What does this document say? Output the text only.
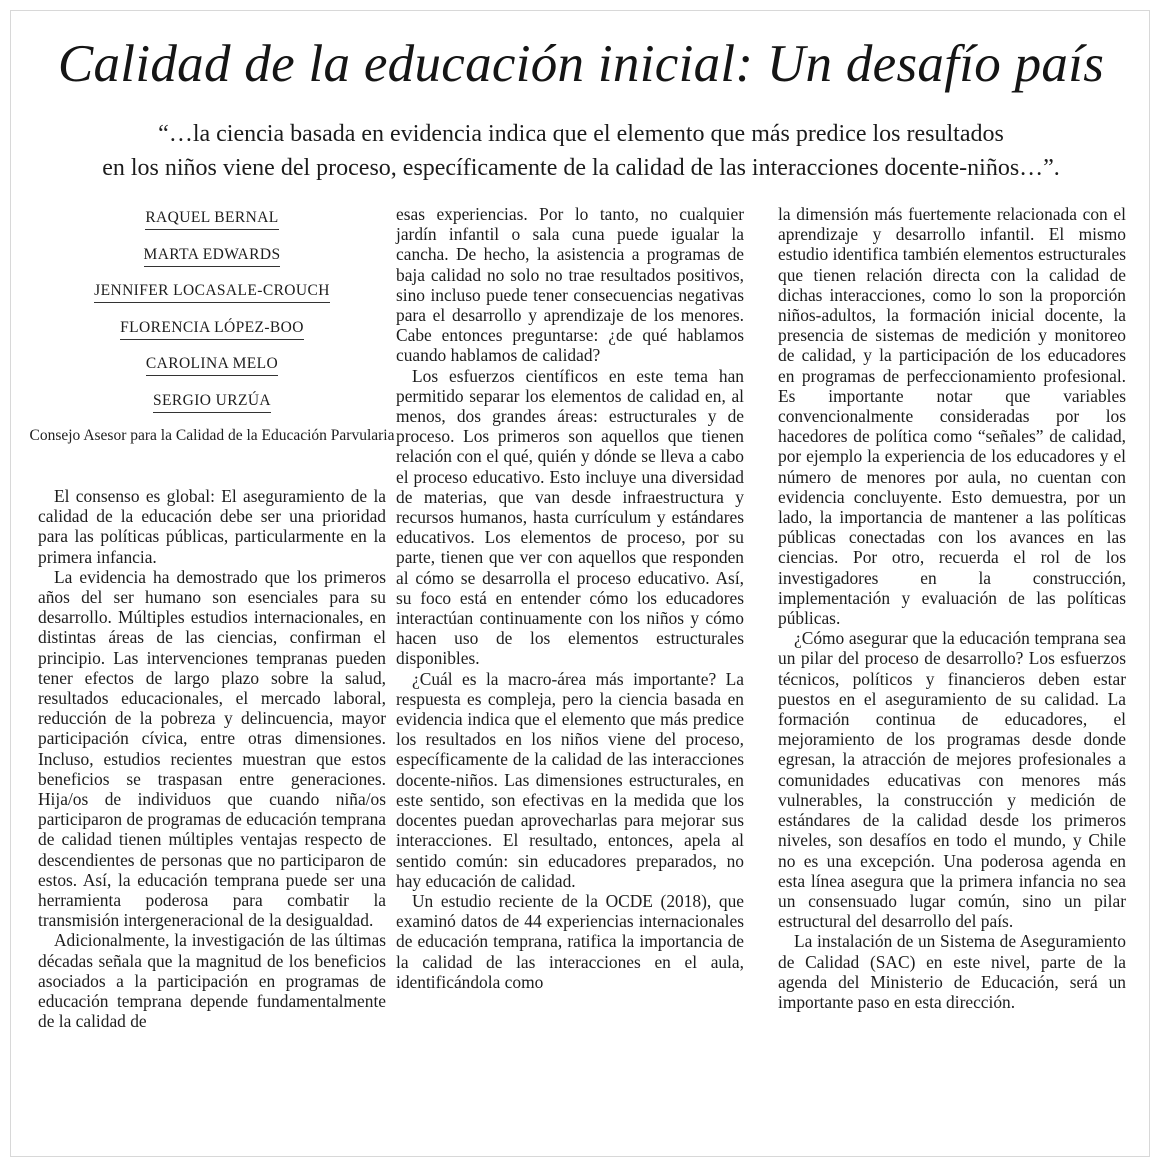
Calidad de la educación inicial: Un desafío país
“…la ciencia basada en evidencia indica que el elemento que más predice los resultados
en los niños viene del proceso, específicamente de la calidad de las interacciones docente-niños…”.
RAQUEL BERNAL
MARTA EDWARDS
JENNIFER LOCASALE-CROUCH
FLORENCIA LÓPEZ-BOO
CAROLINA MELO
SERGIO URZÚA
Consejo Asesor para la Calidad de la Educación Parvularia

El consenso es global: El aseguramiento de la calidad de la educación debe ser una prioridad para las políticas públicas, particularmente en la primera infancia.

La evidencia ha demostrado que los primeros años del ser humano son esenciales para su desarrollo. Múltiples estudios internacionales, en distintas áreas de las ciencias, confirman el principio. Las intervenciones tempranas pueden tener efectos de largo plazo sobre la salud, resultados educacionales, el mercado laboral, reducción de la pobreza y delincuencia, mayor participación cívica, entre otras dimensiones. Incluso, estudios recientes muestran que estos beneficios se traspasan entre generaciones. Hija/os de individuos que cuando niña/os participaron de programas de educación temprana de calidad tienen múltiples ventajas respecto de descendientes de personas que no participaron de estos. Así, la educación temprana puede ser una herramienta poderosa para combatir la transmisión intergeneracional de la desigualdad.

Adicionalmente, la investigación de las últimas décadas señala que la magnitud de los beneficios asociados a la participación en programas de educación temprana depende fundamentalmente de la calidad de

esas experiencias. Por lo tanto, no cualquier jardín infantil o sala cuna puede igualar la cancha. De hecho, la asistencia a programas de baja calidad no solo no trae resultados positivos, sino incluso puede tener consecuencias negativas para el desarrollo y aprendizaje de los menores. Cabe entonces preguntarse: ¿de qué hablamos cuando hablamos de calidad?

Los esfuerzos científicos en este tema han permitido separar los elementos de calidad en, al menos, dos grandes áreas: estructurales y de proceso. Los primeros son aquellos que tienen relación con el qué, quién y dónde se lleva a cabo el proceso educativo. Esto incluye una diversidad de materias, que van desde infraestructura y recursos humanos, hasta currículum y estándares educativos. Los elementos de proceso, por su parte, tienen que ver con aquellos que responden al cómo se desarrolla el proceso educativo. Así, su foco está en entender cómo los educadores interactúan continuamente con los niños y cómo hacen uso de los elementos estructurales disponibles.

¿Cuál es la macro-área más importante? La respuesta es compleja, pero la ciencia basada en evidencia indica que el elemento que más predice los resultados en los niños viene del proceso, específicamente de la calidad de las interacciones docente-niños. Las dimensiones estructurales, en este sentido, son efectivas en la medida que los docentes puedan aprovecharlas para mejorar sus interacciones. El resultado, entonces, apela al sentido común: sin educadores preparados, no hay educación de calidad.

Un estudio reciente de la OCDE (2018), que examinó datos de 44 experiencias internacionales de educación temprana, ratifica la importancia de la calidad de las interacciones en el aula, identificándola como

la dimensión más fuertemente relacionada con el aprendizaje y desarrollo infantil. El mismo estudio identifica también elementos estructurales que tienen relación directa con la calidad de dichas interacciones, como lo son la proporción niños-adultos, la formación inicial docente, la presencia de sistemas de medición y monitoreo de calidad, y la participación de los educadores en programas de perfeccionamiento profesional. Es importante notar que variables convencionalmente consideradas por los hacedores de política como “señales” de calidad, por ejemplo la experiencia de los educadores y el número de menores por aula, no cuentan con evidencia concluyente. Esto demuestra, por un lado, la importancia de mantener a las políticas públicas conectadas con los avances en las ciencias. Por otro, recuerda el rol de los investigadores en la construcción, implementación y evaluación de las políticas públicas.

¿Cómo asegurar que la educación temprana sea un pilar del proceso de desarrollo? Los esfuerzos técnicos, políticos y financieros deben estar puestos en el aseguramiento de su calidad. La formación continua de educadores, el mejoramiento de los programas desde donde egresan, la atracción de mejores profesionales a comunidades educativas con menores más vulnerables, la construcción y medición de estándares de la calidad desde los primeros niveles, son desafíos en todo el mundo, y Chile no es una excepción. Una poderosa agenda en esta línea asegura que la primera infancia no sea un consensuado lugar común, sino un pilar estructural del desarrollo del país.

La instalación de un Sistema de Aseguramiento de Calidad (SAC) en este nivel, parte de la agenda del Ministerio de Educación, será un importante paso en esta dirección.
